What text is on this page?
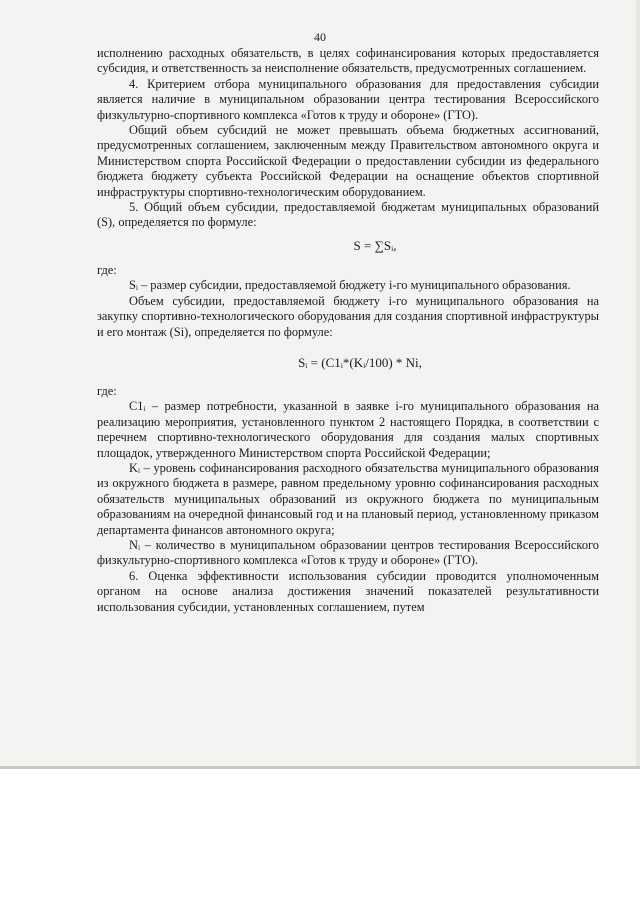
40

исполнению расходных обязательств, в целях софинансирования которых предоставляется субсидия, и ответственность за неисполнение обязательств, предусмотренных соглашением.

4. Критерием отбора муниципального образования для предоставления субсидии является наличие в муниципальном образовании центра тестирования Всероссийского физкультурно-спортивного комплекса «Готов к труду и обороне» (ГТО).

Общий объем субсидий не может превышать объема бюджетных ассигнований, предусмотренных соглашением, заключенным между Правительством автономного округа и Министерством спорта Российской Федерации о предоставлении субсидии из федерального бюджета бюджету субъекта Российской Федерации на оснащение объектов спортивной инфраструктуры спортивно-технологическим оборудованием.

5. Общий объем субсидии, предоставляемой бюджетам муниципальных образований (S), определяется по формуле:

S = ∑Sᵢ,

где:

Sᵢ – размер субсидии, предоставляемой бюджету i-го муниципального образования.

Объем субсидии, предоставляемой бюджету i-го муниципального образования на закупку спортивно-технологического оборудования для создания спортивной инфраструктуры и его монтаж (Si), определяется по формуле:

Sᵢ = (C1ᵢ*(Kᵢ/100) * Ni,

где:

C1ᵢ – размер потребности, указанной в заявке i-го муниципального образования на реализацию мероприятия, установленного пунктом 2 настоящего Порядка, в соответствии с перечнем спортивно-технологического оборудования для создания малых спортивных площадок, утвержденного Министерством спорта Российской Федерации;

Kᵢ – уровень софинансирования расходного обязательства муниципального образования из окружного бюджета в размере, равном предельному уровню софинансирования расходных обязательств муниципальных образований из окружного бюджета по муниципальным образованиям на очередной финансовый год и на плановый период, установленному приказом департамента финансов автономного округа;

Nᵢ – количество в муниципальном образовании центров тестирования Всероссийского физкультурно-спортивного комплекса «Готов к труду и обороне» (ГТО).

6. Оценка эффективности использования субсидии проводится уполномоченным органом на основе анализа достижения значений показателей результативности использования субсидии, установленных соглашением, путем
